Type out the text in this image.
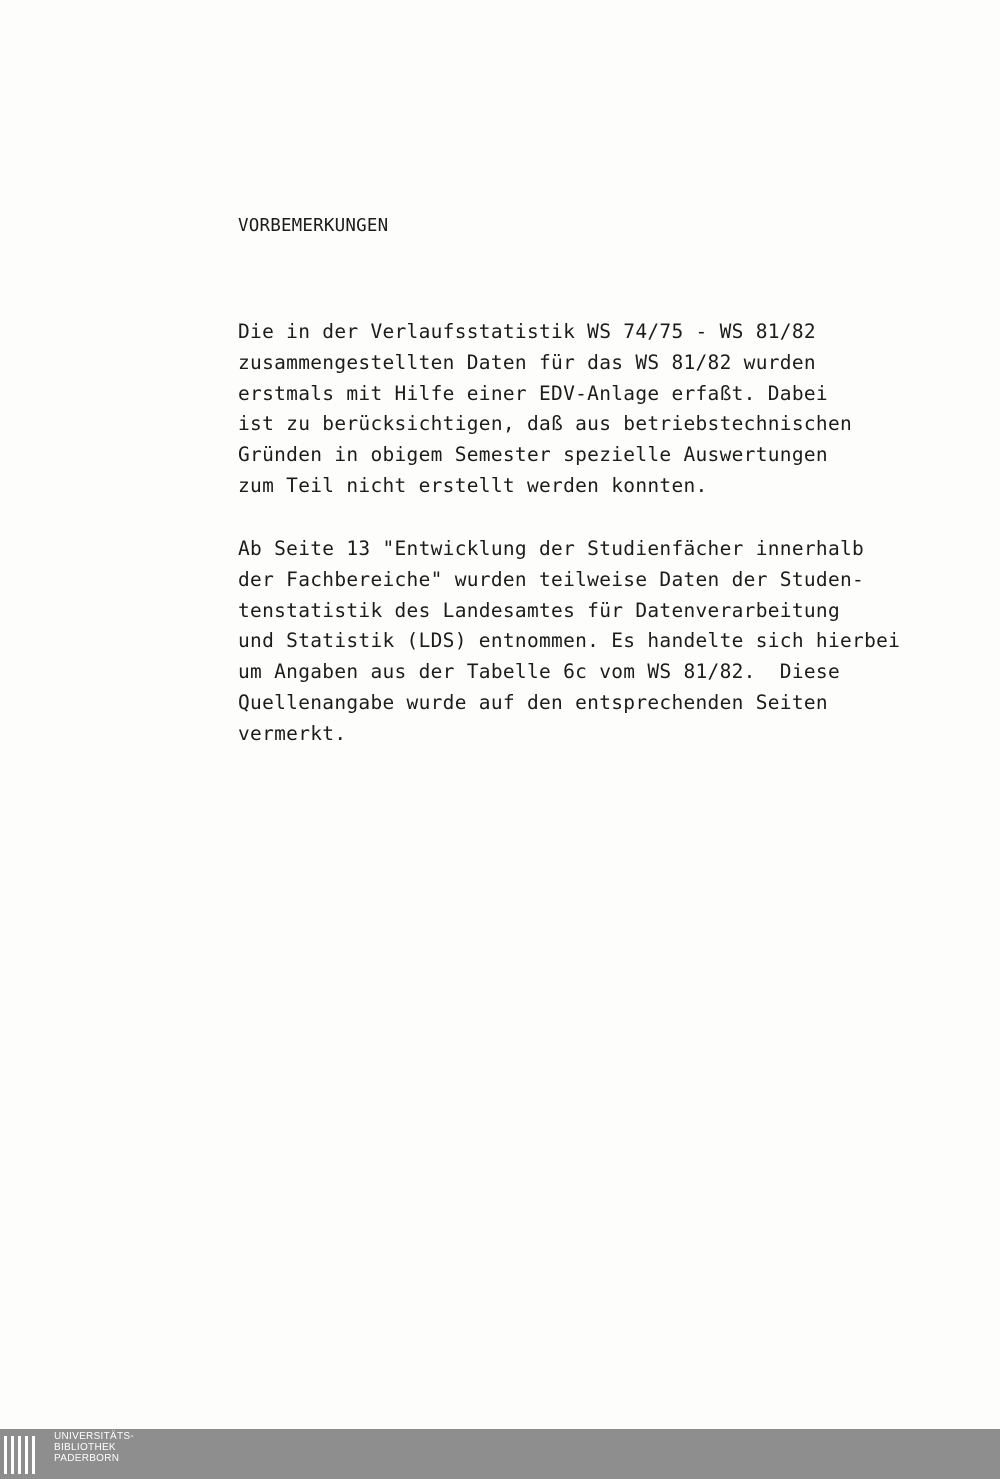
VORBEMERKUNGEN
Die in der Verlaufsstatistik WS 74/75 - WS 81/82
zusammengestellten Daten für das WS 81/82 wurden
erstmals mit Hilfe einer EDV-Anlage erfaßt. Dabei
ist zu berücksichtigen, daß aus betriebstechnischen
Gründen in obigem Semester spezielle Auswertungen
zum Teil nicht erstellt werden konnten.
Ab Seite 13 "Entwicklung der Studienfächer innerhalb
der Fachbereiche" wurden teilweise Daten der Studen-
tenstatistik des Landesamtes für Datenverarbeitung
und Statistik (LDS) entnommen. Es handelte sich hierbei
um Angaben aus der Tabelle 6c vom WS 81/82.  Diese
Quellenangabe wurde auf den entsprechenden Seiten
vermerkt.
UNIVERSITÄTS-
BIBLIOTHEK
PADERBORN
